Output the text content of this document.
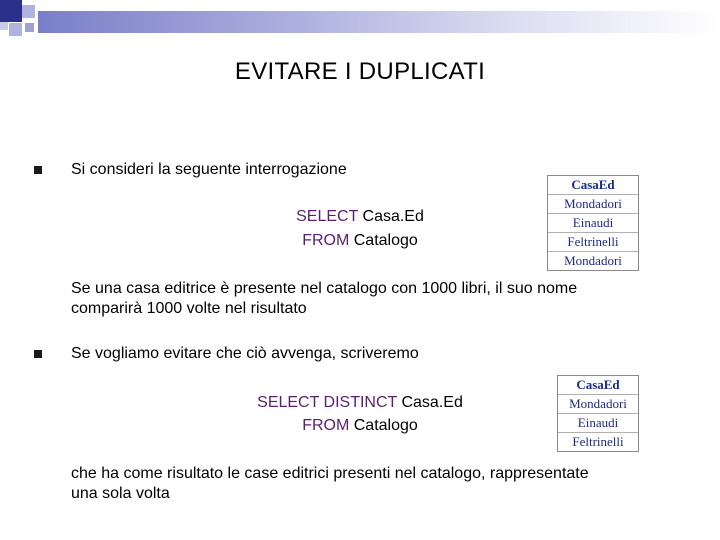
EVITARE I DUPLICATI
Si consideri la seguente interrogazione
SELECT Casa.Ed
FROM Catalogo
CasaEd
Mondadori
Einaudi
Feltrinelli
Mondadori
Se una casa editrice è presente nel catalogo con 1000 libri, il suo nome
comparirà 1000 volte nel risultato
Se vogliamo evitare che ciò avvenga, scriveremo
SELECT DISTINCT Casa.Ed
FROM Catalogo
CasaEd
Mondadori
Einaudi
Feltrinelli
che ha come risultato le case editrici presenti nel catalogo, rappresentate
una sola volta
